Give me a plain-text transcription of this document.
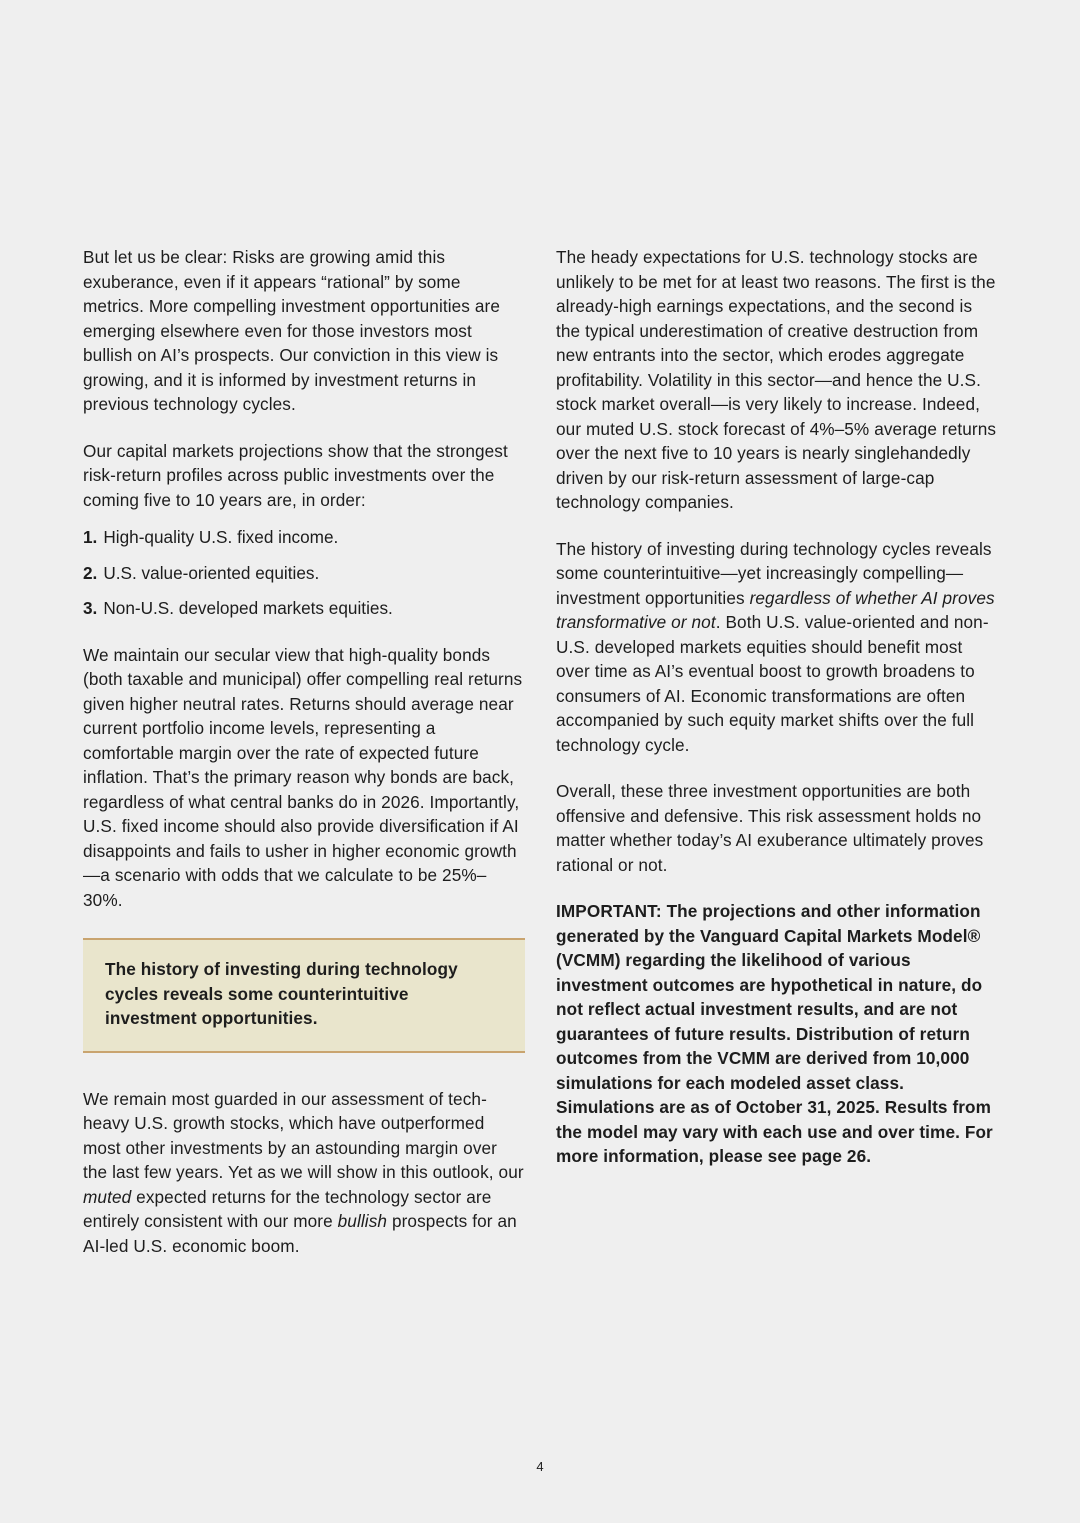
But let us be clear: Risks are growing amid this exuberance, even if it appears “rational” by some metrics. More compelling investment opportunities are emerging elsewhere even for those investors most bullish on AI’s prospects. Our conviction in this view is growing, and it is informed by investment returns in previous technology cycles.

Our capital markets projections show that the strongest risk-return profiles across public investments over the coming five to 10 years are, in order:

1. High-quality U.S. fixed income.
2. U.S. value-oriented equities.
3. Non-U.S. developed markets equities.

We maintain our secular view that high-quality bonds (both taxable and municipal) offer compelling real returns given higher neutral rates. Returns should average near current portfolio income levels, representing a comfortable margin over the rate of expected future inflation. That’s the primary reason why bonds are back, regardless of what central banks do in 2026. Importantly, U.S. fixed income should also provide diversification if AI disappoints and fails to usher in higher economic growth—a scenario with odds that we calculate to be 25%–30%.

The history of investing during technology cycles reveals some counterintuitive investment opportunities.

We remain most guarded in our assessment of tech-heavy U.S. growth stocks, which have outperformed most other investments by an astounding margin over the last few years. Yet as we will show in this outlook, our muted expected returns for the technology sector are entirely consistent with our more bullish prospects for an AI-led U.S. economic boom.

The heady expectations for U.S. technology stocks are unlikely to be met for at least two reasons. The first is the already-high earnings expectations, and the second is the typical underestimation of creative destruction from new entrants into the sector, which erodes aggregate profitability. Volatility in this sector—and hence the U.S. stock market overall—is very likely to increase. Indeed, our muted U.S. stock forecast of 4%–5% average returns over the next five to 10 years is nearly singlehandedly driven by our risk-return assessment of large-cap technology companies.

The history of investing during technology cycles reveals some counterintuitive—yet increasingly compelling—investment opportunities regardless of whether AI proves transformative or not. Both U.S. value-oriented and non-U.S. developed markets equities should benefit most over time as AI’s eventual boost to growth broadens to consumers of AI. Economic transformations are often accompanied by such equity market shifts over the full technology cycle.

Overall, these three investment opportunities are both offensive and defensive. This risk assessment holds no matter whether today’s AI exuberance ultimately proves rational or not.

IMPORTANT: The projections and other information generated by the Vanguard Capital Markets Model® (VCMM) regarding the likelihood of various investment outcomes are hypothetical in nature, do not reflect actual investment results, and are not guarantees of future results. Distribution of return outcomes from the VCMM are derived from 10,000 simulations for each modeled asset class. Simulations are as of October 31, 2025. Results from the model may vary with each use and over time. For more information, please see page 26.

4
